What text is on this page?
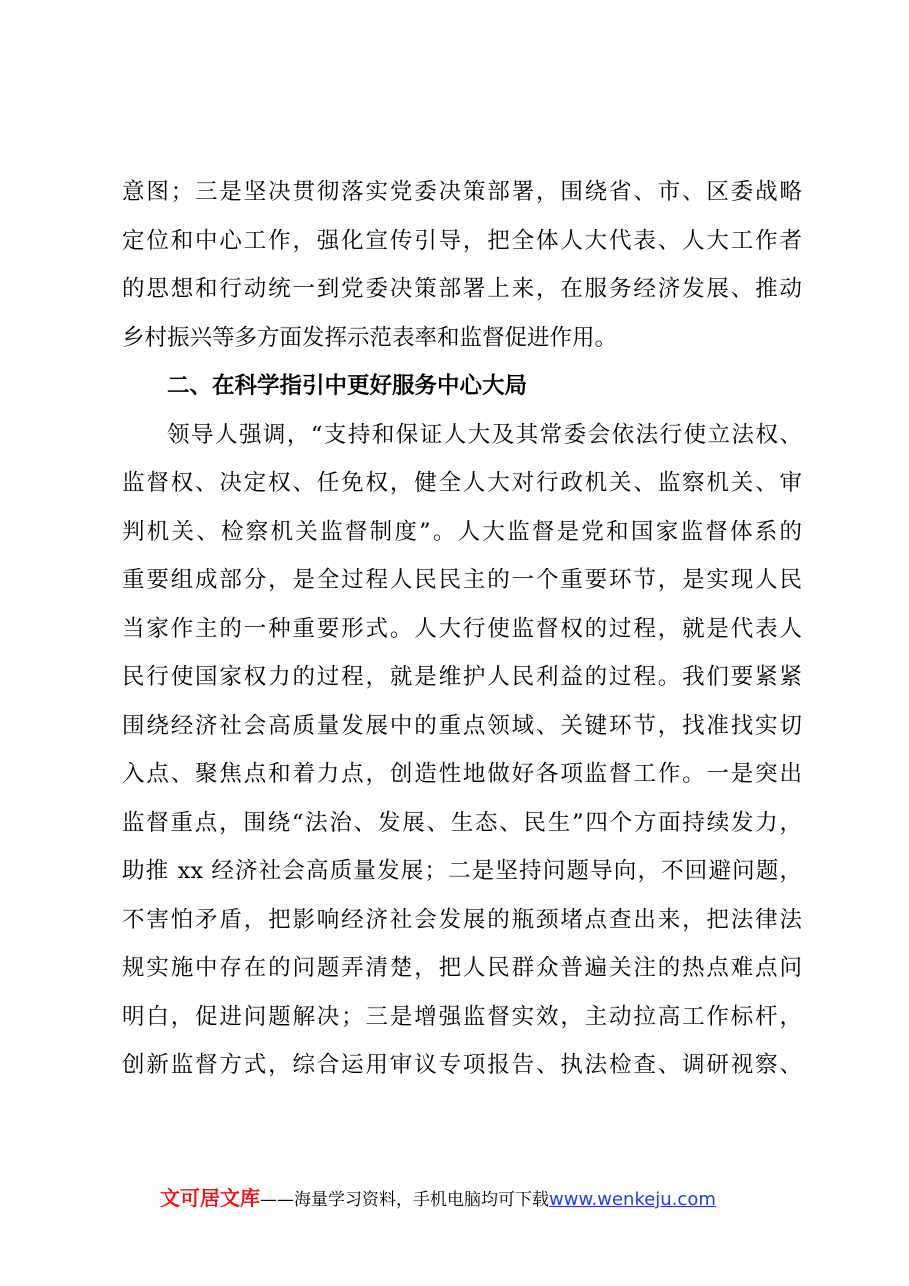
意图；三是坚决贯彻落实党委决策部署，围绕省、市、区委战略
定位和中心工作，强化宣传引导，把全体人大代表、人大工作者
的思想和行动统一到党委决策部署上来，在服务经济发展、推动
乡村振兴等多方面发挥示范表率和监督促进作用。
二、在科学指引中更好服务中心大局
领导人强调，“支持和保证人大及其常委会依法行使立法权、
监督权、决定权、任免权，健全人大对行政机关、监察机关、审
判机关、检察机关监督制度”。人大监督是党和国家监督体系的
重要组成部分，是全过程人民民主的一个重要环节，是实现人民
当家作主的一种重要形式。人大行使监督权的过程，就是代表人
民行使国家权力的过程，就是维护人民利益的过程。我们要紧紧
围绕经济社会高质量发展中的重点领域、关键环节，找准找实切
入点、聚焦点和着力点，创造性地做好各项监督工作。一是突出
监督重点，围绕“法治、发展、生态、民生”四个方面持续发力，
助推 xx 经济社会高质量发展；二是坚持问题导向，不回避问题，
不害怕矛盾，把影响经济社会发展的瓶颈堵点查出来，把法律法
规实施中存在的问题弄清楚，把人民群众普遍关注的热点难点问
明白，促进问题解决；三是增强监督实效，主动拉高工作标杆，
创新监督方式，综合运用审议专项报告、执法检查、调研视察、
文可居文库——海量学习资料，手机电脑均可下载www.wenkeju.com
